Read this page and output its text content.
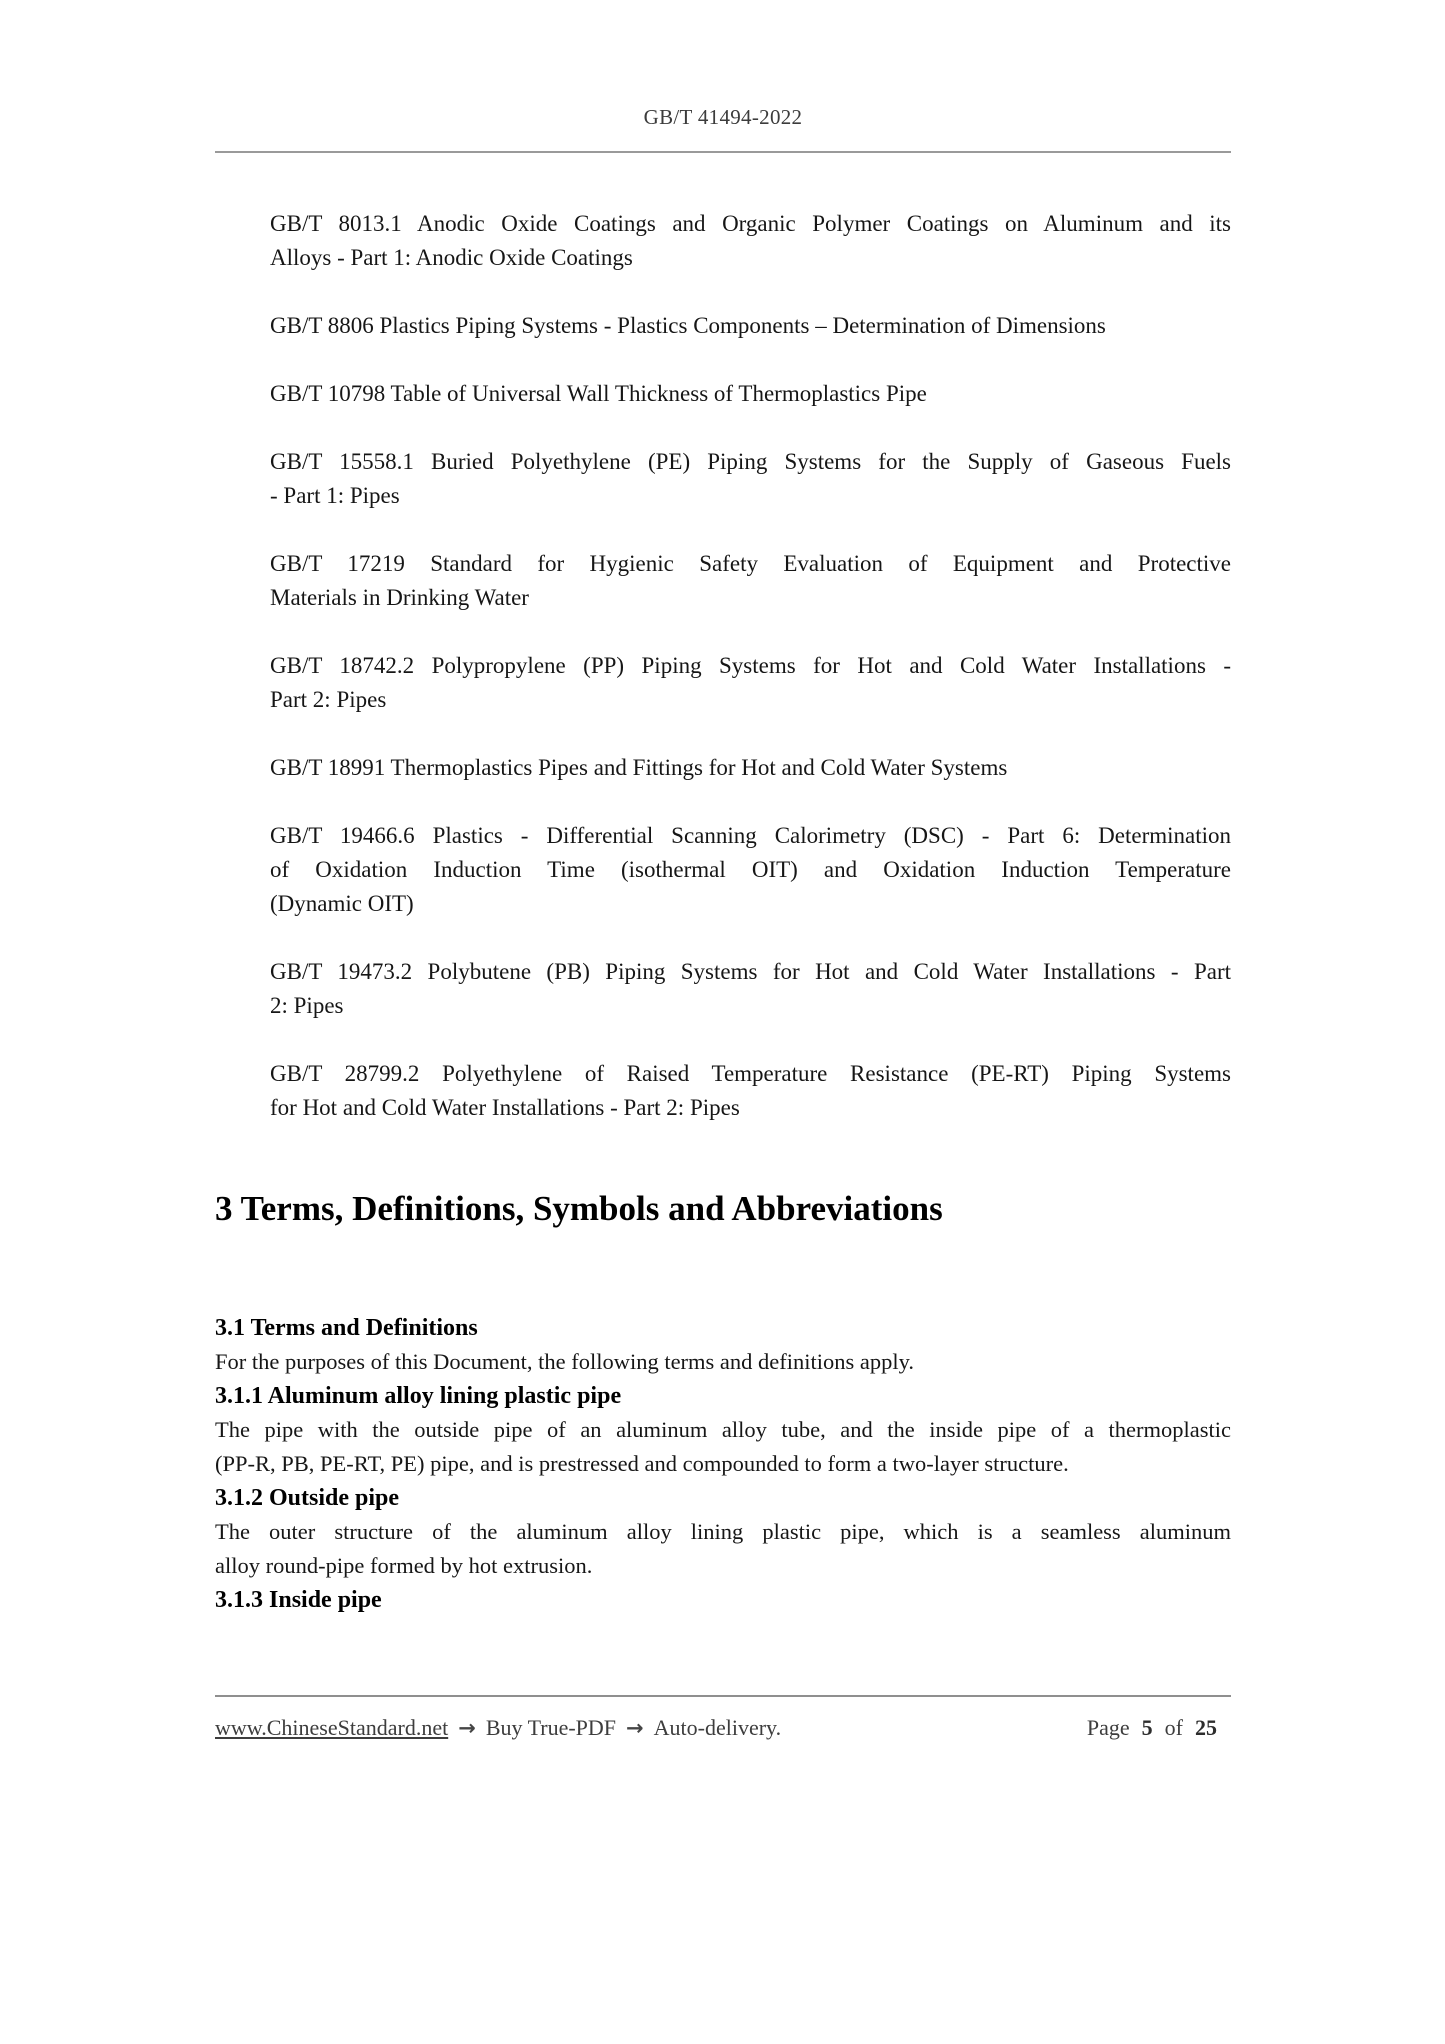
GB/T 41494-2022

GB/T 8013.1 Anodic Oxide Coatings and Organic Polymer Coatings on Aluminum and its
Alloys - Part 1: Anodic Oxide Coatings

GB/T 8806 Plastics Piping Systems - Plastics Components – Determination of Dimensions

GB/T 10798 Table of Universal Wall Thickness of Thermoplastics Pipe

GB/T 15558.1 Buried Polyethylene (PE) Piping Systems for the Supply of Gaseous Fuels
- Part 1: Pipes

GB/T 17219 Standard for Hygienic Safety Evaluation of Equipment and Protective
Materials in Drinking Water

GB/T 18742.2 Polypropylene (PP) Piping Systems for Hot and Cold Water Installations -
Part 2: Pipes

GB/T 18991 Thermoplastics Pipes and Fittings for Hot and Cold Water Systems

GB/T 19466.6 Plastics - Differential Scanning Calorimetry (DSC) - Part 6: Determination
of Oxidation Induction Time (isothermal OIT) and Oxidation Induction Temperature
(Dynamic OIT)

GB/T 19473.2 Polybutene (PB) Piping Systems for Hot and Cold Water Installations - Part
2: Pipes

GB/T 28799.2 Polyethylene of Raised Temperature Resistance (PE-RT) Piping Systems
for Hot and Cold Water Installations - Part 2: Pipes

3 Terms, Definitions, Symbols and Abbreviations
3.1 Terms and Definitions

For the purposes of this Document, the following terms and definitions apply.

3.1.1 Aluminum alloy lining plastic pipe

The pipe with the outside pipe of an aluminum alloy tube, and the inside pipe of a thermoplastic
(PP-R, PB, PE-RT, PE) pipe, and is prestressed and compounded to form a two-layer structure.

3.1.2 Outside pipe

The outer structure of the aluminum alloy lining plastic pipe, which is a seamless aluminum
alloy round-pipe formed by hot extrusion.

3.1.3 Inside pipe
www.ChineseStandard.net → Buy True-PDF → Auto-delivery.	Page 5 of 25
